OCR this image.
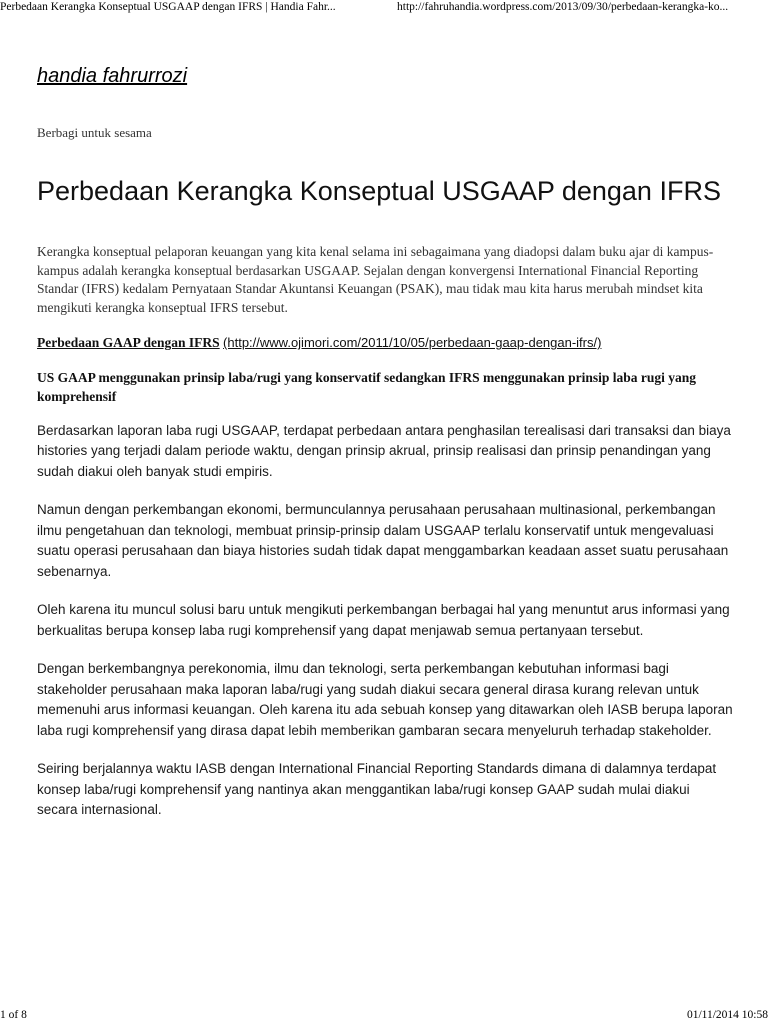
Perbedaan Kerangka Konseptual USGAAP dengan IFRS | Handia Fahr...	http://fahruhandia.wordpress.com/2013/09/30/perbedaan-kerangka-ko...
handia fahrurrozi

Berbagi untuk sesama

Perbedaan Kerangka Konseptual USGAAP dengan IFRS

Kerangka konseptual pelaporan keuangan yang kita kenal selama ini sebagaimana yang diadopsi dalam buku ajar di kampus-kampus adalah kerangka konseptual berdasarkan USGAAP. Sejalan dengan konvergensi International Financial Reporting Standar (IFRS) kedalam Pernyataan Standar Akuntansi Keuangan (PSAK), mau tidak mau kita harus merubah mindset kita mengikuti kerangka konseptual IFRS tersebut.

Perbedaan GAAP dengan IFRS (http://www.ojimori.com/2011/10/05/perbedaan-gaap-dengan-ifrs/)

US GAAP menggunakan prinsip laba/rugi yang konservatif sedangkan IFRS menggunakan prinsip laba rugi yang komprehensif

Berdasarkan laporan laba rugi USGAAP, terdapat perbedaan antara penghasilan terealisasi dari transaksi dan biaya histories yang terjadi dalam periode waktu, dengan prinsip akrual, prinsip realisasi dan prinsip penandingan yang sudah diakui oleh banyak studi empiris.

Namun dengan perkembangan ekonomi, bermunculannya perusahaan perusahaan multinasional, perkembangan ilmu pengetahuan dan teknologi, membuat prinsip-prinsip dalam USGAAP terlalu konservatif untuk mengevaluasi suatu operasi perusahaan dan biaya histories sudah tidak dapat menggambarkan keadaan asset suatu perusahaan sebenarnya.

Oleh karena itu muncul solusi baru untuk mengikuti perkembangan berbagai hal yang menuntut arus informasi yang berkualitas berupa konsep laba rugi komprehensif yang dapat menjawab semua pertanyaan tersebut.

Dengan berkembangnya perekonomia, ilmu dan teknologi, serta perkembangan kebutuhan informasi bagi stakeholder perusahaan maka laporan laba/rugi yang sudah diakui secara general dirasa kurang relevan untuk memenuhi arus informasi keuangan. Oleh karena itu ada sebuah konsep yang ditawarkan oleh IASB berupa laporan laba rugi komprehensif yang dirasa dapat lebih memberikan gambaran secara menyeluruh terhadap stakeholder.

Seiring berjalannya waktu IASB dengan International Financial Reporting Standards dimana di dalamnya terdapat konsep laba/rugi komprehensif yang nantinya akan menggantikan laba/rugi konsep GAAP sudah mulai diakui secara internasional.

1 of 8	01/11/2014 10:58
